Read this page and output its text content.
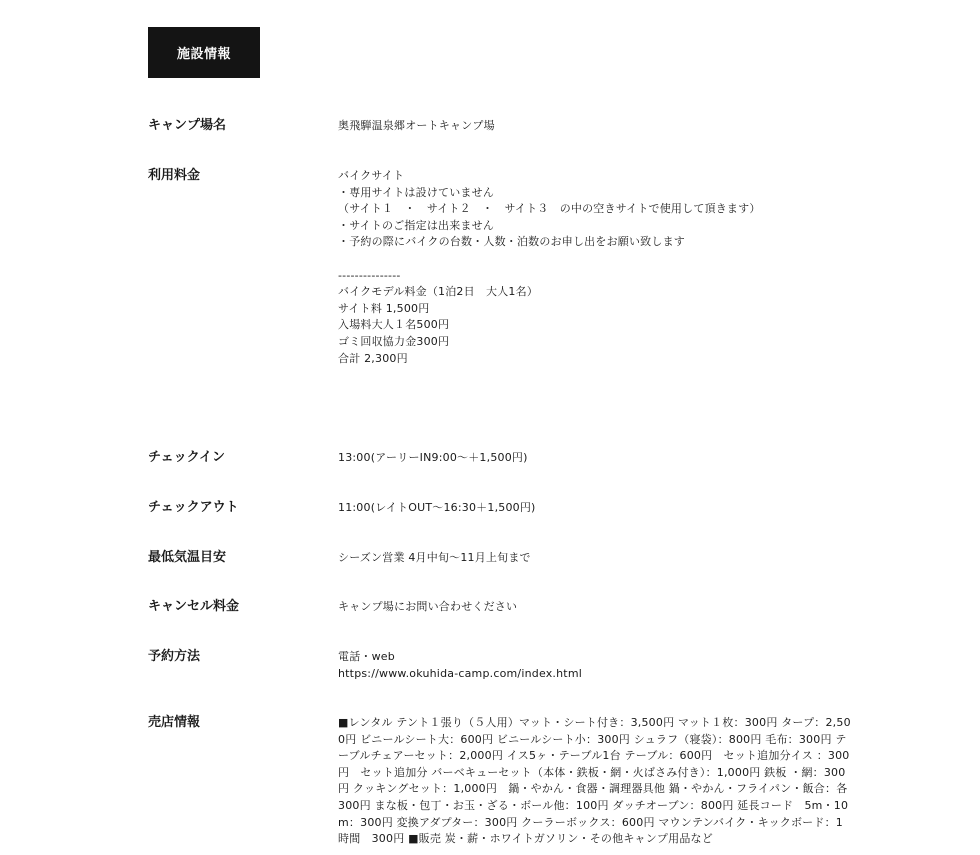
施設情報
キャンプ場名	奥飛騨温泉郷オートキャンプ場
利用料金	バイクサイト
・専用サイトは設けていません
（サイト１　・　サイト２　・　サイト３　の中の空きサイトで使用して頂きます）
・サイトのご指定は出来ません
・予約の際にバイクの台数・人数・泊数のお申し出をお願い致します

---------------
バイクモデル料金（1泊2日　大人1名）
サイト料 1,500円
入場料大人１名500円
ゴミ回収協力金300円
合計 2,300円
チェックイン	13:00(アーリーIN9:00～＋1,500円)
チェックアウト	11:00(レイトOUT～16:30＋1,500円)
最低気温目安	シーズン営業 4月中旬～11月上旬まで
キャンセル料金	キャンプ場にお問い合わせください
予約方法	電話・web
https://www.okuhida-camp.com/index.html
売店情報	■レンタル テント１張り（５人用）マット・シート付き：3,500円 マット１枚：300円 タープ：2,500円 ビニールシート大：600円 ビニールシート小：300円 シュラフ（寝袋）：800円 毛布：300円 テーブルチェアーセット：2,000円 イス5ヶ・テーブル1台 テーブル：600円　セット追加分イス ：300円　セット追加分 バーベキューセット（本体・鉄板・網・火ばさみ付き）：1,000円 鉄板 ・網：300円 クッキングセット：1,000円　鍋・やかん・食器・調理器具他 鍋・やかん・フライパン・飯合：各300円 まな板・包丁・お玉・ざる・ボール他：100円 ダッチオーブン：800円 延長コード　5m・10m：300円 変換アダプター：300円 クーラーボックス：600円 マウンテンバイク・キックボード：1時間　300円 ■販売 炭・薪・ホワイトガソリン・その他キャンプ用品など
